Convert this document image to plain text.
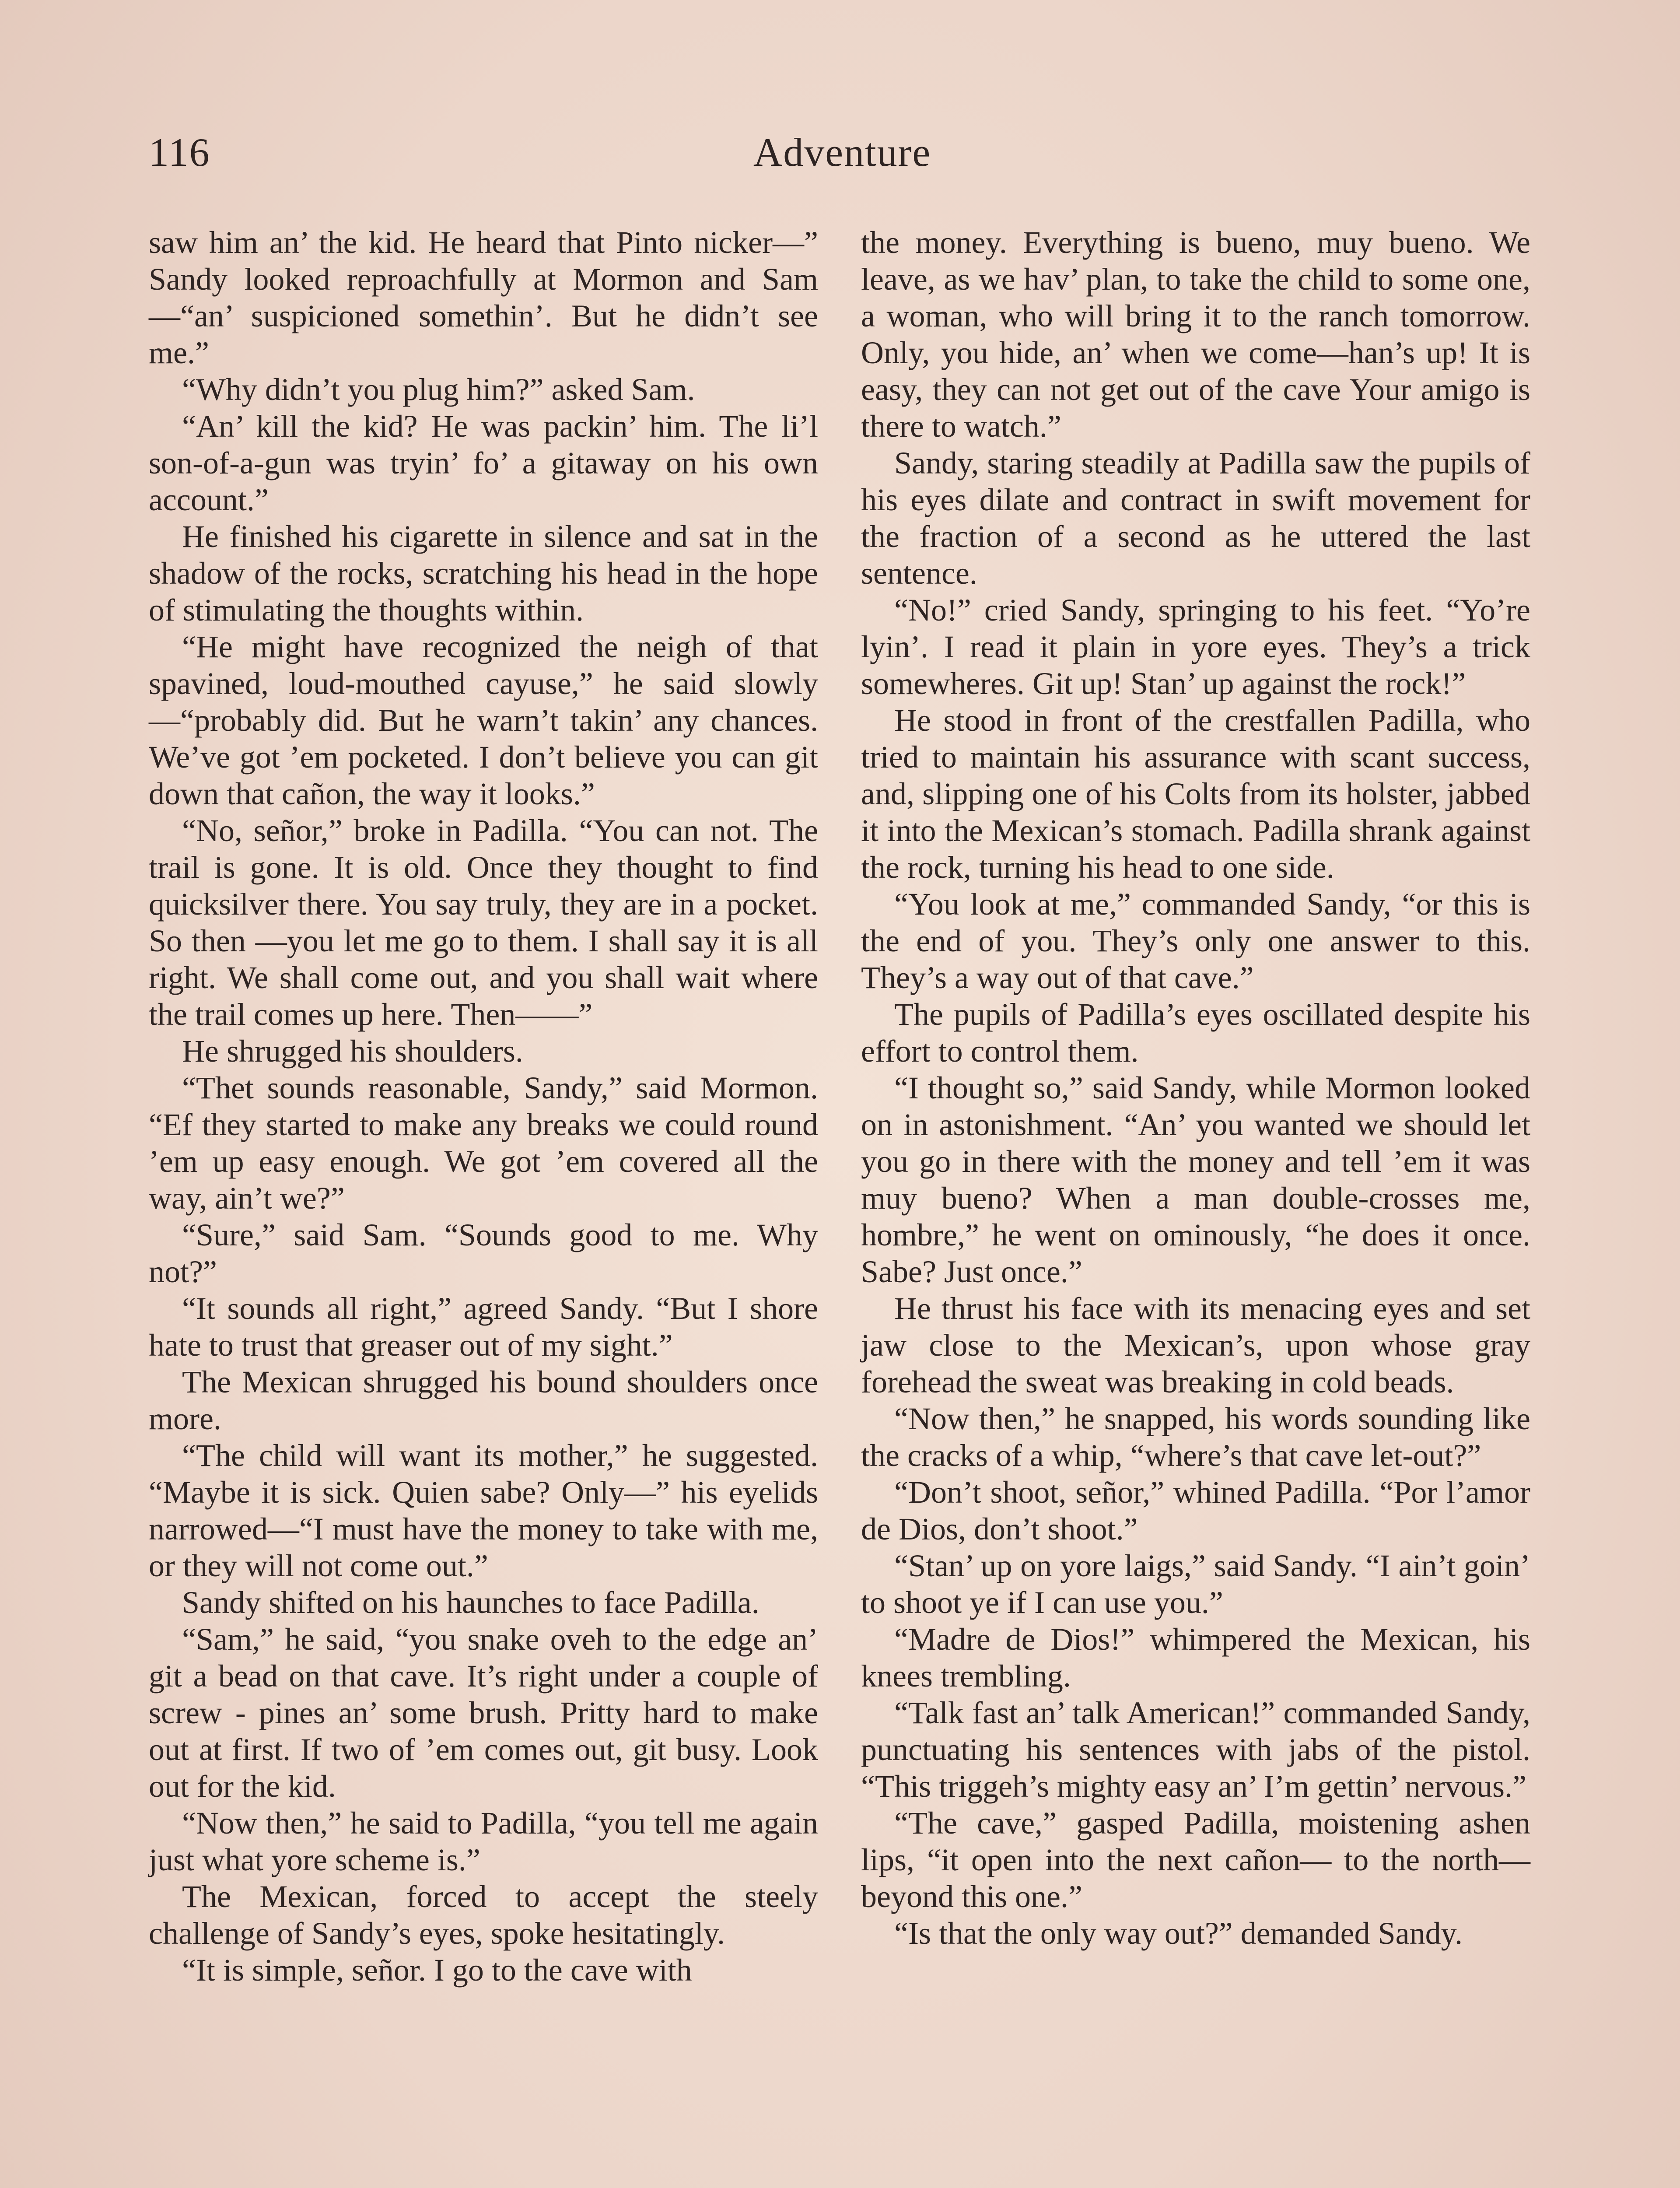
116	Adventure

saw him an’ the kid. He heard that Pinto nicker—” Sandy looked reproachfully at Mormon and Sam—“an’ suspicioned somethin’. But he didn’t see me.”

“Why didn’t you plug him?” asked Sam.

“An’ kill the kid? He was packin’ him. The li’l son-of-a-gun was tryin’ fo’ a gitaway on his own account.”

He finished his cigarette in silence and sat in the shadow of the rocks, scratching his head in the hope of stimulating the thoughts within.

“He might have recognized the neigh of that spavined, loud-mouthed cayuse,” he said slowly—“probably did. But he warn’t takin’ any chances. We’ve got ’em pocketed. I don’t believe you can git down that cañon, the way it looks.”

“No, señor,” broke in Padilla. “You can not. The trail is gone. It is old. Once they thought to find quicksilver there. You say truly, they are in a pocket. So then —you let me go to them. I shall say it is all right. We shall come out, and you shall wait where the trail comes up here. Then——”

He shrugged his shoulders.

“Thet sounds reasonable, Sandy,” said Mormon. “Ef they started to make any breaks we could round ’em up easy enough. We got ’em covered all the way, ain’t we?”

“Sure,” said Sam. “Sounds good to me. Why not?”

“It sounds all right,” agreed Sandy. “But I shore hate to trust that greaser out of my sight.”

The Mexican shrugged his bound shoulders once more.

“The child will want its mother,” he suggested. “Maybe it is sick. Quien sabe? Only—” his eyelids narrowed—“I must have the money to take with me, or they will not come out.”

Sandy shifted on his haunches to face Padilla.

“Sam,” he said, “you snake oveh to the edge an’ git a bead on that cave. It’s right under a couple of screw - pines an’ some brush. Pritty hard to make out at first. If two of ’em comes out, git busy. Look out for the kid.

“Now then,” he said to Padilla, “you tell me again just what yore scheme is.”

The Mexican, forced to accept the steely challenge of Sandy’s eyes, spoke hesitatingly.

“It is simple, señor. I go to the cave with

the money. Everything is bueno, muy bueno. We leave, as we hav’ plan, to take the child to some one, a woman, who will bring it to the ranch tomorrow. Only, you hide, an’ when we come—han’s up! It is easy, they can not get out of the cave Your amigo is there to watch.”

Sandy, staring steadily at Padilla saw the pupils of his eyes dilate and contract in swift movement for the fraction of a second as he uttered the last sentence.

“No!” cried Sandy, springing to his feet. “Yo’re lyin’. I read it plain in yore eyes. They’s a trick somewheres. Git up! Stan’ up against the rock!”

He stood in front of the crestfallen Padilla, who tried to maintain his assurance with scant success, and, slipping one of his Colts from its holster, jabbed it into the Mexican’s stomach. Padilla shrank against the rock, turning his head to one side.

“You look at me,” commanded Sandy, “or this is the end of you. They’s only one answer to this. They’s a way out of that cave.”

The pupils of Padilla’s eyes oscillated despite his effort to control them.

“I thought so,” said Sandy, while Mormon looked on in astonishment. “An’ you wanted we should let you go in there with the money and tell ’em it was muy bueno? When a man double-crosses me, hombre,” he went on ominously, “he does it once. Sabe? Just once.”

He thrust his face with its menacing eyes and set jaw close to the Mexican’s, upon whose gray forehead the sweat was breaking in cold beads.

“Now then,” he snapped, his words sounding like the cracks of a whip, “where’s that cave let-out?”

“Don’t shoot, señor,” whined Padilla. “Por l’amor de Dios, don’t shoot.”

“Stan’ up on yore laigs,” said Sandy. “I ain’t goin’ to shoot ye if I can use you.”

“Madre de Dios!” whimpered the Mexican, his knees trembling.

“Talk fast an’ talk American!” commanded Sandy, punctuating his sentences with jabs of the pistol. “This triggeh’s mighty easy an’ I’m gettin’ nervous.”

“The cave,” gasped Padilla, moistening ashen lips, “it open into the next cañon— to the north—beyond this one.”

“Is that the only way out?” demanded Sandy.
